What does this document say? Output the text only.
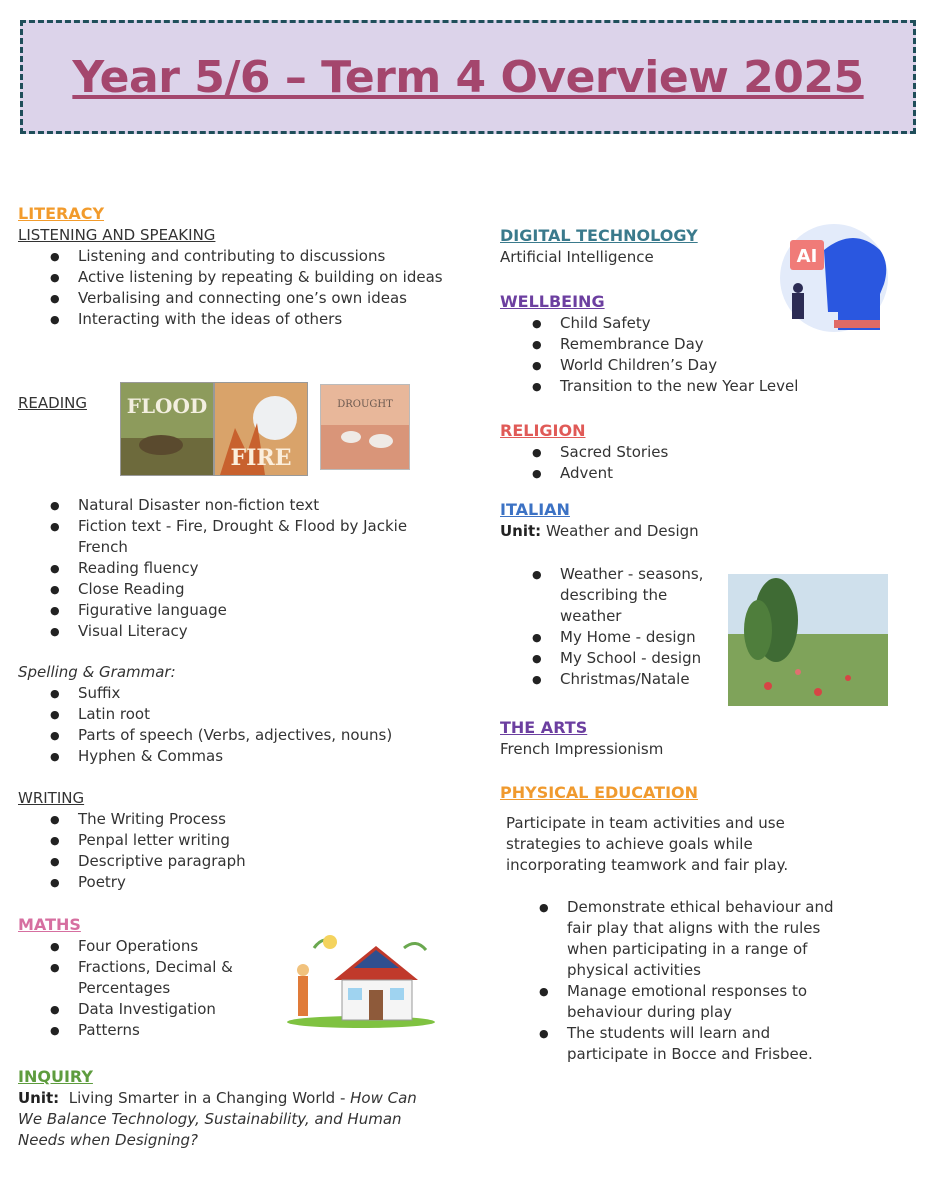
Year 5/6 – Term 4 Overview 2025
LITERACY
LISTENING AND SPEAKING
● Listening and contributing to discussions
● Active listening by repeating & building on ideas
● Verbalising and connecting one’s own ideas
● Interacting with the ideas of others
READING FLOOD
FIRE
DROUGHT
● Natural Disaster non-fiction text
● Fiction text - Fire, Drought & Flood by Jackie French
● Reading fluency
● Close Reading
● Figurative language
● Visual Literacy
Spelling & Grammar:
● Suffix
● Latin root
● Parts of speech (Verbs, adjectives, nouns)
● Hyphen & Commas
WRITING
● The Writing Process
● Penpal letter writing
● Descriptive paragraph
● Poetry
MATHS
● Four Operations
● Fractions, Decimal & Percentages
● Data Investigation
● Patterns
INQUIRY
Unit: Living Smarter in a Changing World - How Can We Balance Technology, Sustainability, and Human Needs when Designing?
DIGITAL TECHNOLOGY
Artificial Intelligence	AI
WELLBEING
● Child Safety
● Remembrance Day
● World Children’s Day
● Transition to the new Year Level
RELIGION
● Sacred Stories
● Advent
ITALIAN
Unit: Weather and Design
● Weather - seasons, describing the weather
● My Home - design
● My School - design
● Christmas/Natale
THE ARTS
French Impressionism
PHYSICAL EDUCATION
Participate in team activities and use strategies to achieve goals while incorporating teamwork and fair play.
● Demonstrate ethical behaviour and fair play that aligns with the rules when participating in a range of physical activities
● Manage emotional responses to behaviour during play
● The students will learn and participate in Bocce and Frisbee.
